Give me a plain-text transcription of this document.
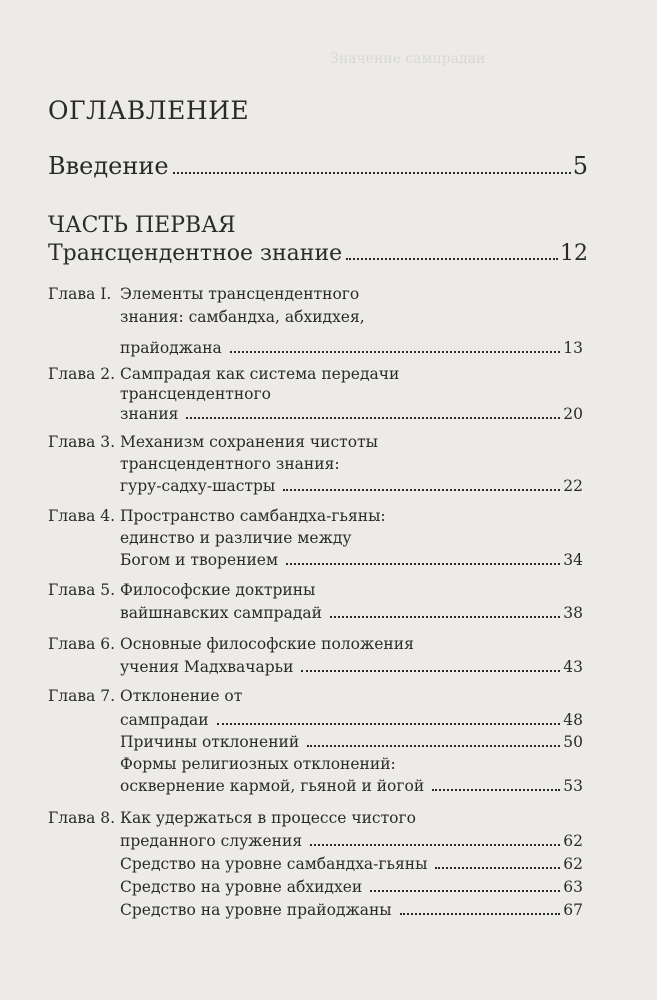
Значение сампрадаи
ОГЛАВЛЕНИЕ
Введение	5
ЧАСТЬ ПЕРВАЯ
Трансцендентное знание	12
Глава I. Элементы трансцендентного
знания: самбандха, абхидхея,
прайоджана	13
Глава 2. Сампрадая как система передачи
трансцендентного
знания	20
Глава 3. Механизм сохранения чистоты
трансцендентного знания:
гуру-садху-шастры	22
Глава 4. Пространство самбандха-гьяны:
единство и различие между
Богом и творением	34
Глава 5. Философские доктрины
вайшнавских сампрадай	38
Глава 6. Основные философские положения
учения Мадхвачарьи	43
Глава 7. Отклонение от
сампрадаи	48
Причины отклонений	50
Формы религиозных отклонений:
осквернение кармой, гьяной и йогой	53
Глава 8. Как удержаться в процессе чистого
преданного служения	62
Средство на уровне самбандха-гьяны	62
Средство на уровне абхидхеи	63
Средство на уровне прайоджаны	67
